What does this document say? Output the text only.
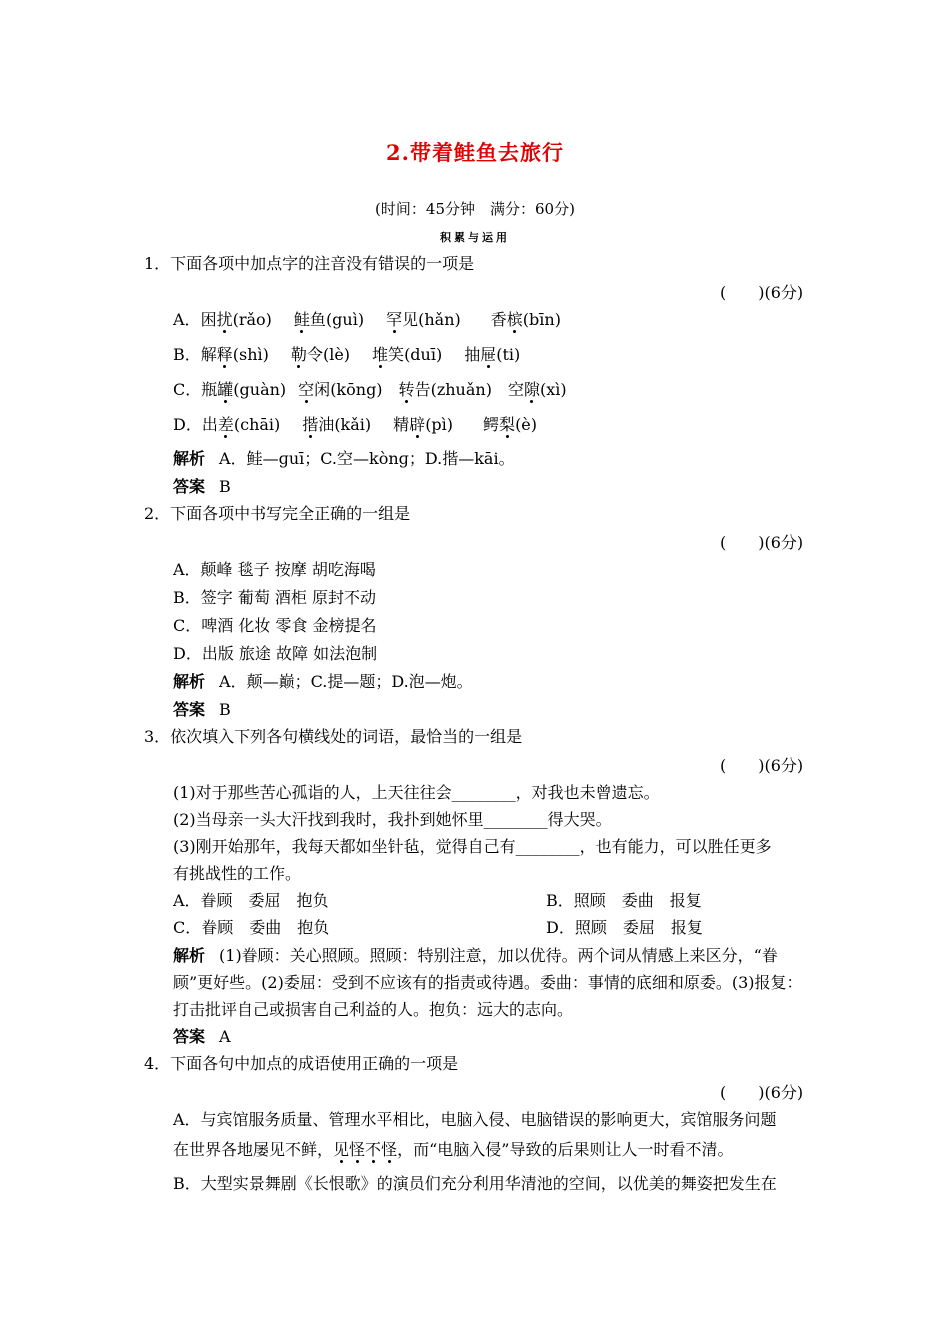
2.带着鲑鱼去旅行
(时间：45分钟　满分：60分)
积累与运用
1．下面各项中加点字的注音没有错误的一项是
(　　)(6分)
A．困扰(rǎo) 鲑鱼(guì) 罕见(hǎn) 香槟(bīn)
B．解释(shì) 勒令(lè) 堆笑(duī) 抽屉(ti)
C．瓶罐(guàn) 空闲(kōng) 转告(zhuǎn) 空隙(xì)
D．出差(chāi) 揩油(kǎi) 精辟(pì) 鳄梨(è)
解析 A．鲑—ɡuī；C.空—kònɡ；D.揩—kāi。
答案 B
2．下面各项中书写完全正确的一组是
(　　)(6分)
A．颠峰 毯子 按摩 胡吃海喝
B．签字 葡萄 酒柜 原封不动
C．啤酒 化妆 零食 金榜提名
D．出版 旅途 故障 如法泡制
解析 A．颠—巅；C.提—题；D.泡—炮。
答案 B
3．依次填入下列各句横线处的词语，最恰当的一组是
(　　)(6分)
(1)对于那些苦心孤诣的人，上天往往会________，对我也未曾遗忘。
(2)当母亲一头大汗找到我时，我扑到她怀里________得大哭。
(3)刚开始那年，我每天都如坐针毡，觉得自己有________，也有能力，可以胜任更多
有挑战性的工作。
A．眷顾　委屈　抱负	B．照顾　委曲　报复
C．眷顾　委曲　抱负	D．照顾　委屈　报复
解析 (1)眷顾：关心照顾。照顾：特别注意，加以优待。两个词从情感上来区分，“眷
顾”更好些。(2)委屈：受到不应该有的指责或待遇。委曲：事情的底细和原委。(3)报复：
打击批评自己或损害自己利益的人。抱负：远大的志向。
答案 A
4．下面各句中加点的成语使用正确的一项是
(　　)(6分)
A．与宾馆服务质量、管理水平相比，电脑入侵、电脑错误的影响更大，宾馆服务问题
在世界各地屡见不鲜，见怪不怪，而“电脑入侵”导致的后果则让人一时看不清。
B．大型实景舞剧《长恨歌》的演员们充分利用华清池的空间，以优美的舞姿把发生在
